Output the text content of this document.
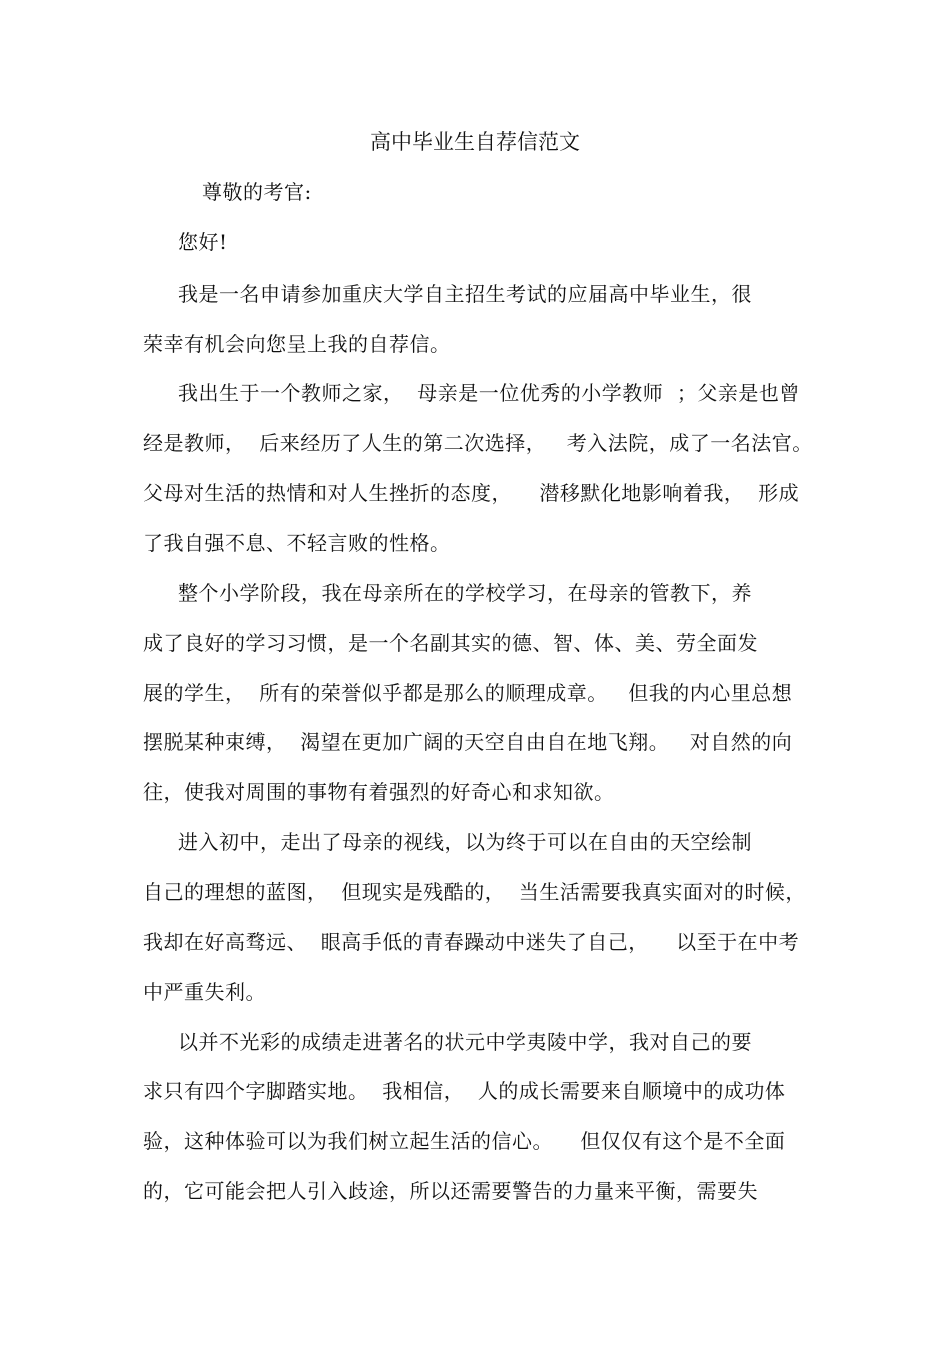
高中毕业生自荐信范文
尊敬的考官:
您好!
我是一名申请参加重庆大学自主招生考试的应届高中毕业生，很
荣幸有机会向您呈上我的自荐信。
我出生于一个教师之家，  母亲是一位优秀的小学教师  ；父亲是也曾
经是教师，  后来经历了人生的第二次选择，   考入法院，成了一名法官。
父母对生活的热情和对人生挫折的态度，    潜移默化地影响着我，  形成
了我自强不息、不轻言败的性格。
整个小学阶段，我在母亲所在的学校学习，在母亲的管教下，养
成了良好的学习习惯，是一个名副其实的德、智、体、美、劳全面发
展的学生，  所有的荣誉似乎都是那么的顺理成章。   但我的内心里总想
摆脱某种束缚，  渴望在更加广阔的天空自由自在地飞翔。   对自然的向
往，使我对周围的事物有着强烈的好奇心和求知欲。
进入初中，走出了母亲的视线，以为终于可以在自由的天空绘制
自己的理想的蓝图，  但现实是残酷的，  当生活需要我真实面对的时候，
我却在好高骛远、  眼高手低的青春躁动中迷失了自己，    以至于在中考
中严重失利。
以并不光彩的成绩走进著名的状元中学夷陵中学，我对自己的要
求只有四个字脚踏实地。  我相信，  人的成长需要来自顺境中的成功体
验，这种体验可以为我们树立起生活的信心。    但仅仅有这个是不全面
的，它可能会把人引入歧途，所以还需要警告的力量来平衡，需要失
